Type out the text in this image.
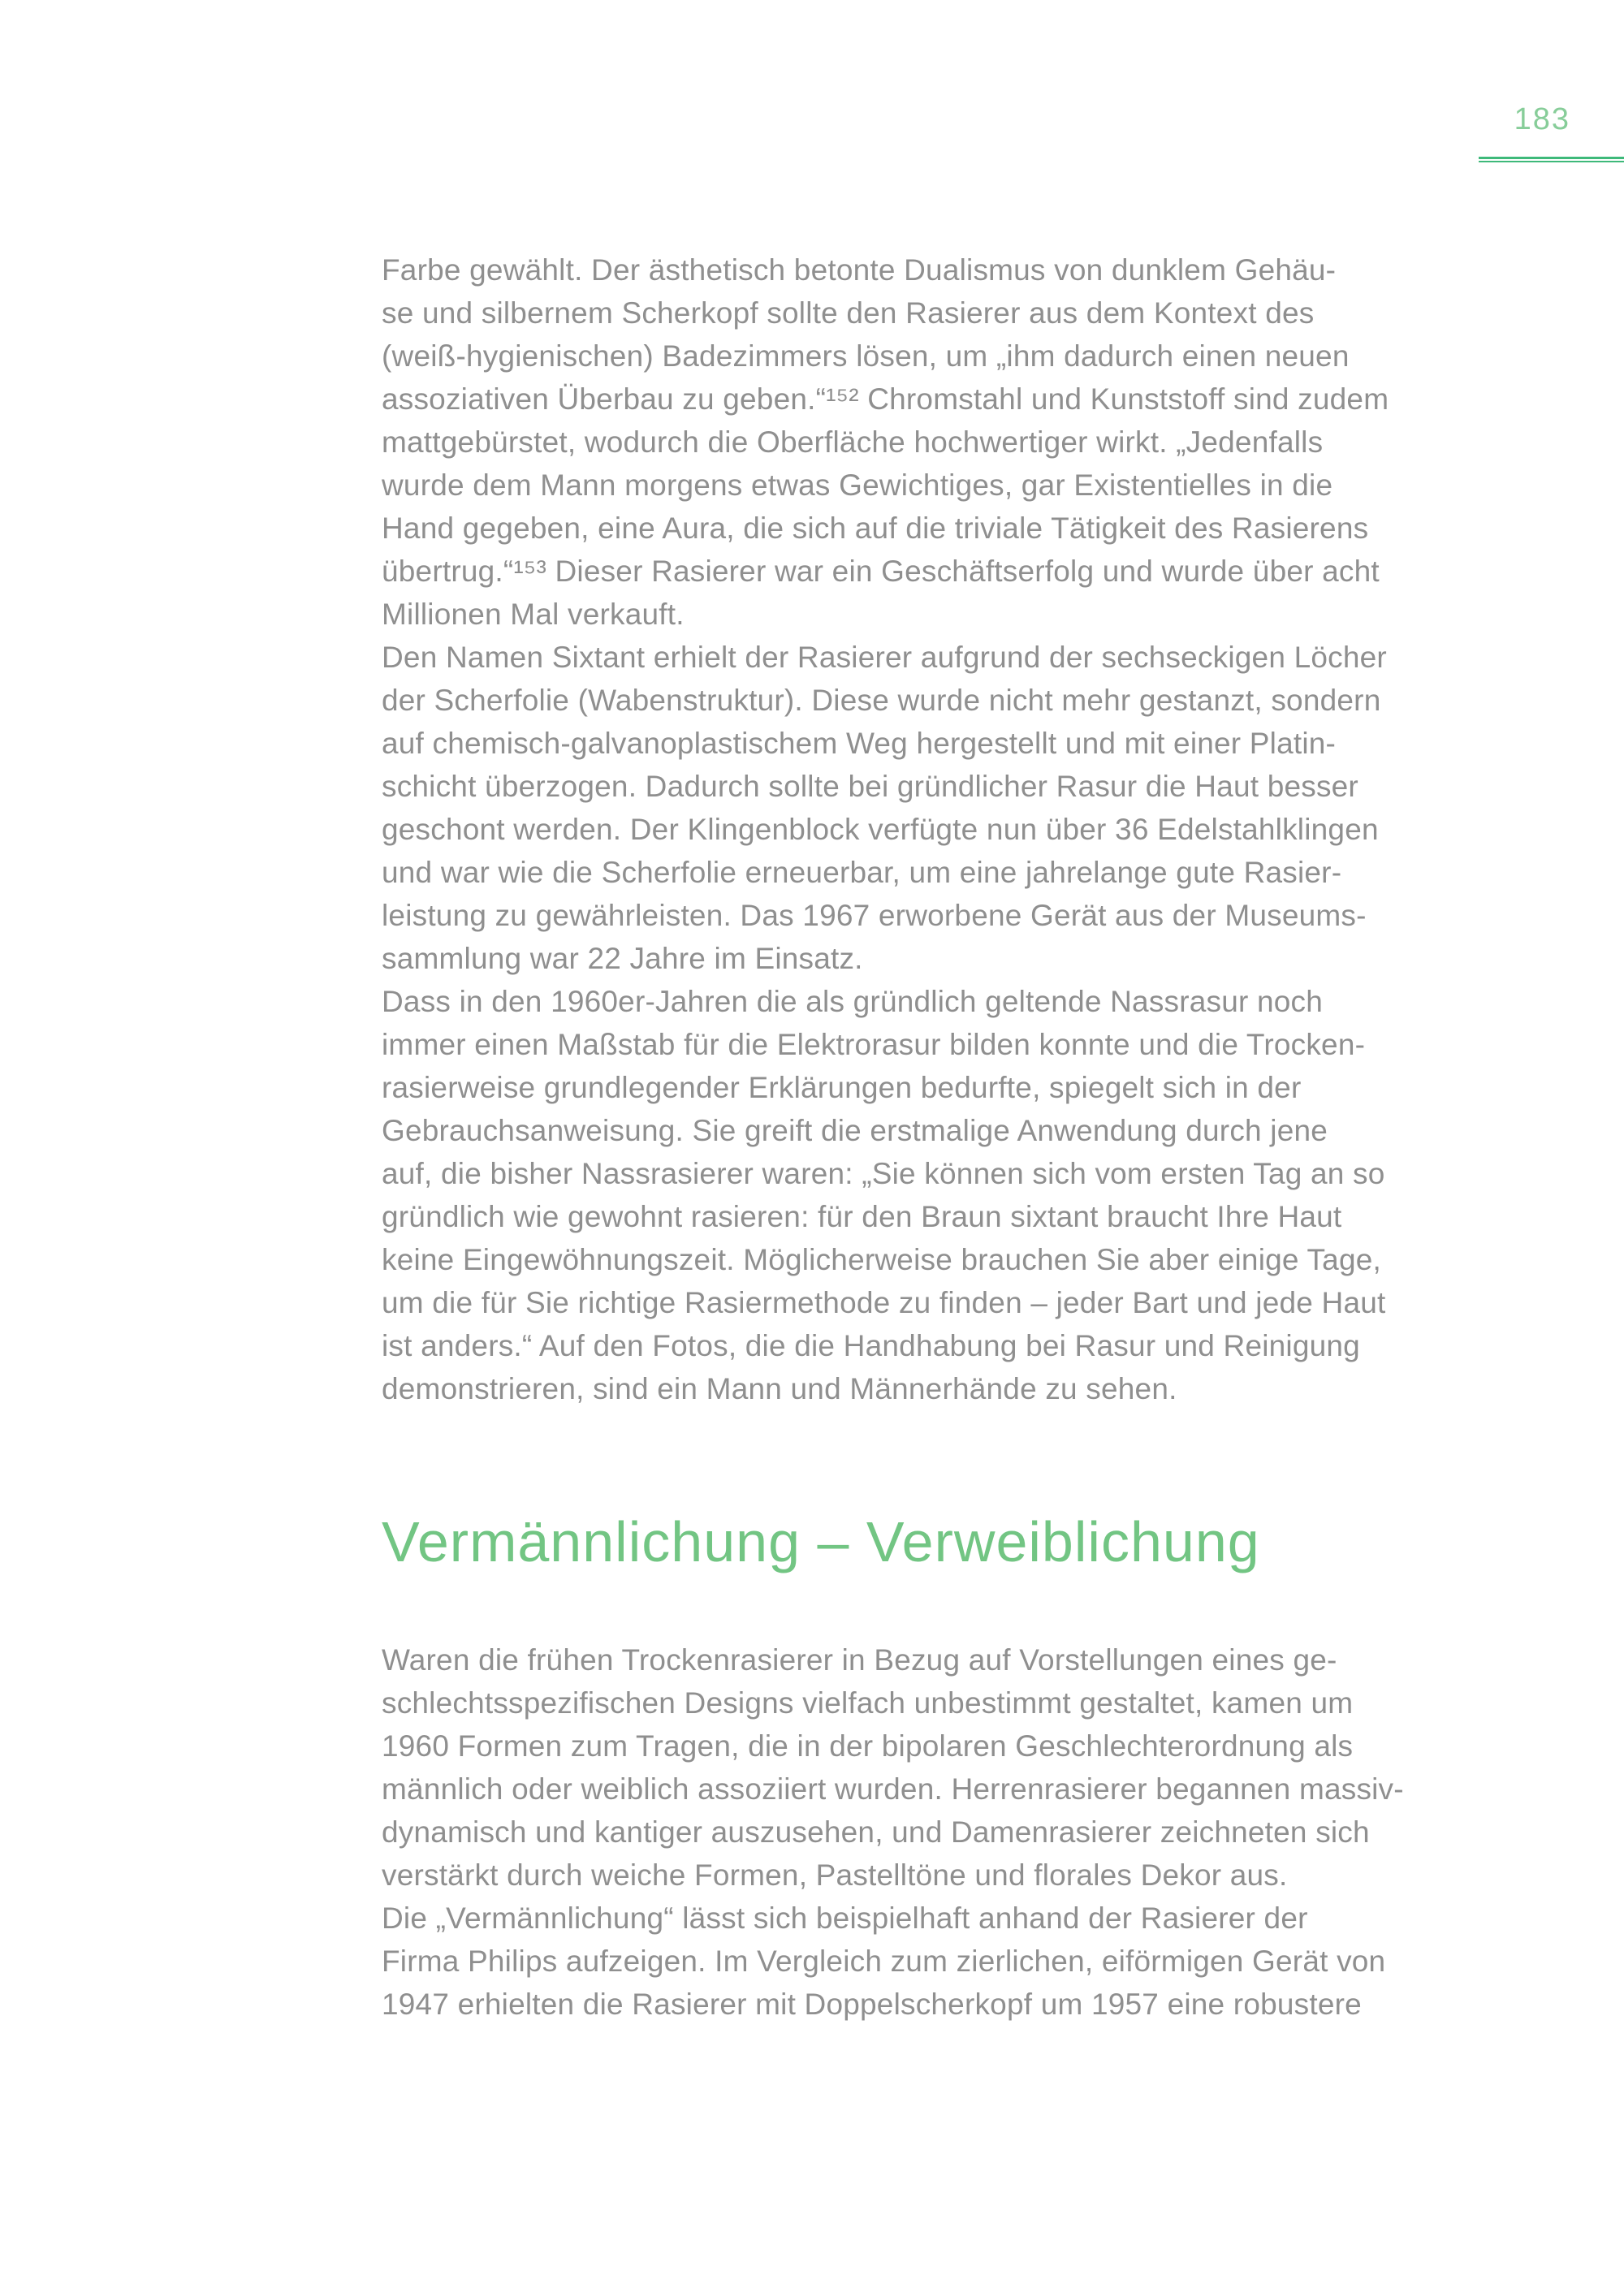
183
Farbe gewählt. Der ästhetisch betonte Dualismus von dunklem Gehäu-
se und silbernem Scherkopf sollte den Rasierer aus dem Kontext des
(weiß-hygienischen) Badezimmers lösen, um „ihm dadurch einen neuen
assoziativen Überbau zu geben.“¹⁵² Chromstahl und Kunststoff sind zudem
mattgebürstet, wodurch die Oberfläche hochwertiger wirkt. „Jedenfalls
wurde dem Mann morgens etwas Gewichtiges, gar Existentielles in die
Hand gegeben, eine Aura, die sich auf die triviale Tätigkeit des Rasierens
übertrug.“¹⁵³ Dieser Rasierer war ein Geschäftserfolg und wurde über acht
Millionen Mal verkauft.
Den Namen Sixtant erhielt der Rasierer aufgrund der sechseckigen Löcher
der Scherfolie (Wabenstruktur). Diese wurde nicht mehr gestanzt, sondern
auf chemisch-galvanoplastischem Weg hergestellt und mit einer Platin-
schicht überzogen. Dadurch sollte bei gründlicher Rasur die Haut besser
geschont werden. Der Klingenblock verfügte nun über 36 Edelstahlklingen
und war wie die Scherfolie erneuerbar, um eine jahrelange gute Rasier-
leistung zu gewährleisten. Das 1967 erworbene Gerät aus der Museums-
sammlung war 22 Jahre im Einsatz.
Dass in den 1960er-Jahren die als gründlich geltende Nassrasur noch
immer einen Maßstab für die Elektrorasur bilden konnte und die Trocken-
rasierweise grundlegender Erklärungen bedurfte, spiegelt sich in der
Gebrauchsanweisung. Sie greift die erstmalige Anwendung durch jene
auf, die bisher Nassrasierer waren: „Sie können sich vom ersten Tag an so
gründlich wie gewohnt rasieren: für den Braun sixtant braucht Ihre Haut
keine Eingewöhnungszeit. Möglicherweise brauchen Sie aber einige Tage,
um die für Sie richtige Rasiermethode zu finden – jeder Bart und jede Haut
ist anders.“ Auf den Fotos, die die Handhabung bei Rasur und Reinigung
demonstrieren, sind ein Mann und Männerhände zu sehen.
Vermännlichung – Verweiblichung
Waren die frühen Trockenrasierer in Bezug auf Vorstellungen eines ge-
schlechtsspezifischen Designs vielfach unbestimmt gestaltet, kamen um
1960 Formen zum Tragen, die in der bipolaren Geschlechterordnung als
männlich oder weiblich assoziiert wurden. Herrenrasierer begannen massiv-
dynamisch und kantiger auszusehen, und Damenrasierer zeichneten sich
verstärkt durch weiche Formen, Pastelltöne und florales Dekor aus.
Die „Vermännlichung“ lässt sich beispielhaft anhand der Rasierer der
Firma Philips aufzeigen. Im Vergleich zum zierlichen, eiförmigen Gerät von
1947 erhielten die Rasierer mit Doppelscherkopf um 1957 eine robustere
